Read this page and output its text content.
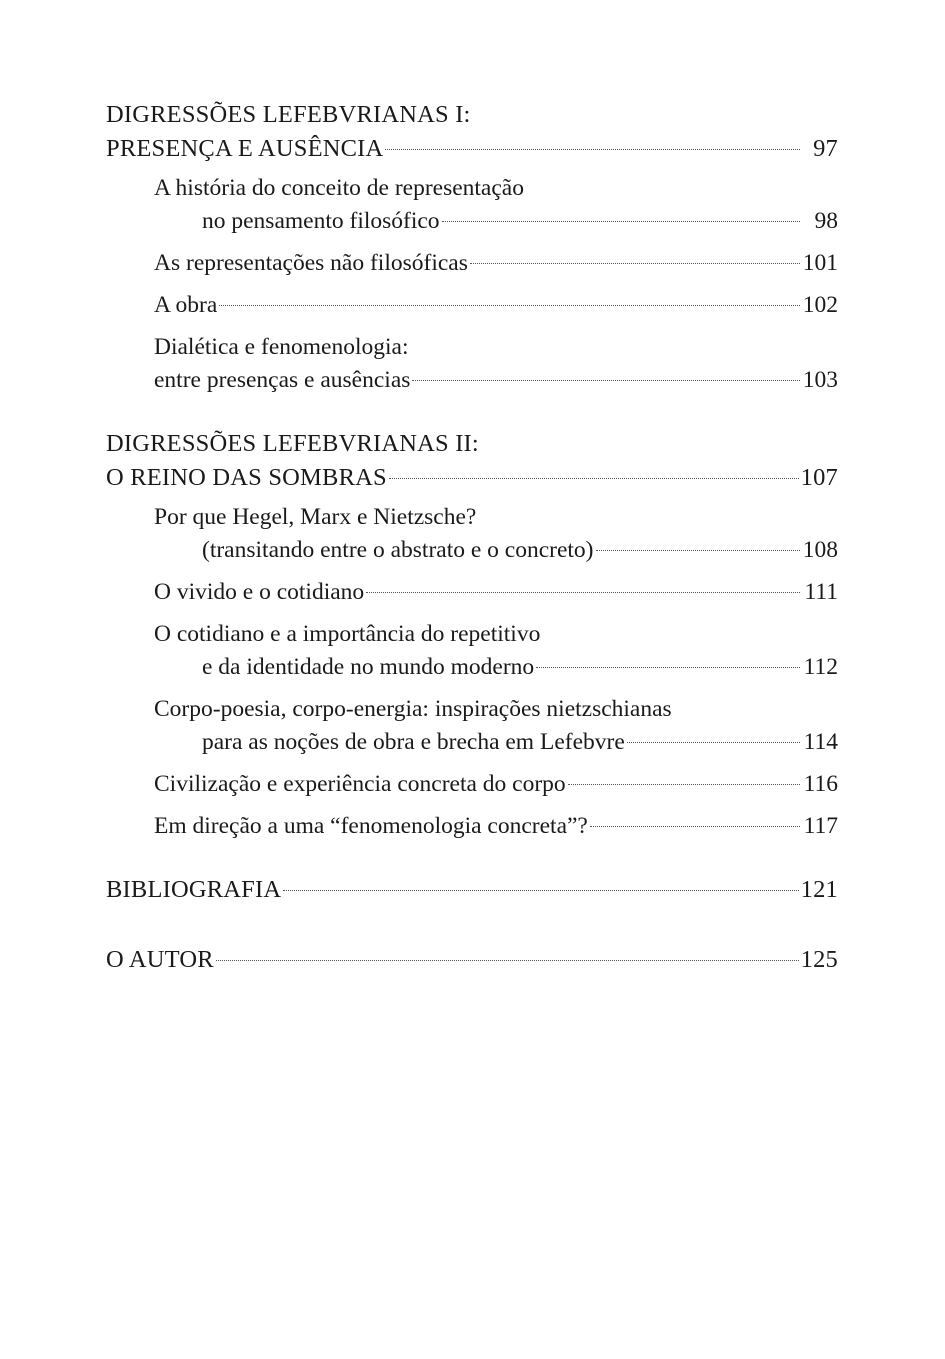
DIGRESSÕES LEFEBVRIANAS I:
PRESENÇA E AUSÊNCIA	97
A história do conceito de representação
no pensamento filosófico	98
As representações não filosóficas	101
A obra	102
Dialética e fenomenologia:
entre presenças e ausências	103
DIGRESSÕES LEFEBVRIANAS II:
O REINO DAS SOMBRAS	107
Por que Hegel, Marx e Nietzsche?
(transitando entre o abstrato e o concreto)	108
O vivido e o cotidiano	111
O cotidiano e a importância do repetitivo
e da identidade no mundo moderno	112
Corpo-poesia, corpo-energia: inspirações nietzschianas
para as noções de obra e brecha em Lefebvre	114
Civilização e experiência concreta do corpo	116
Em direção a uma “fenomenologia concreta”?	117
BIBLIOGRAFIA	121
O AUTOR	125
